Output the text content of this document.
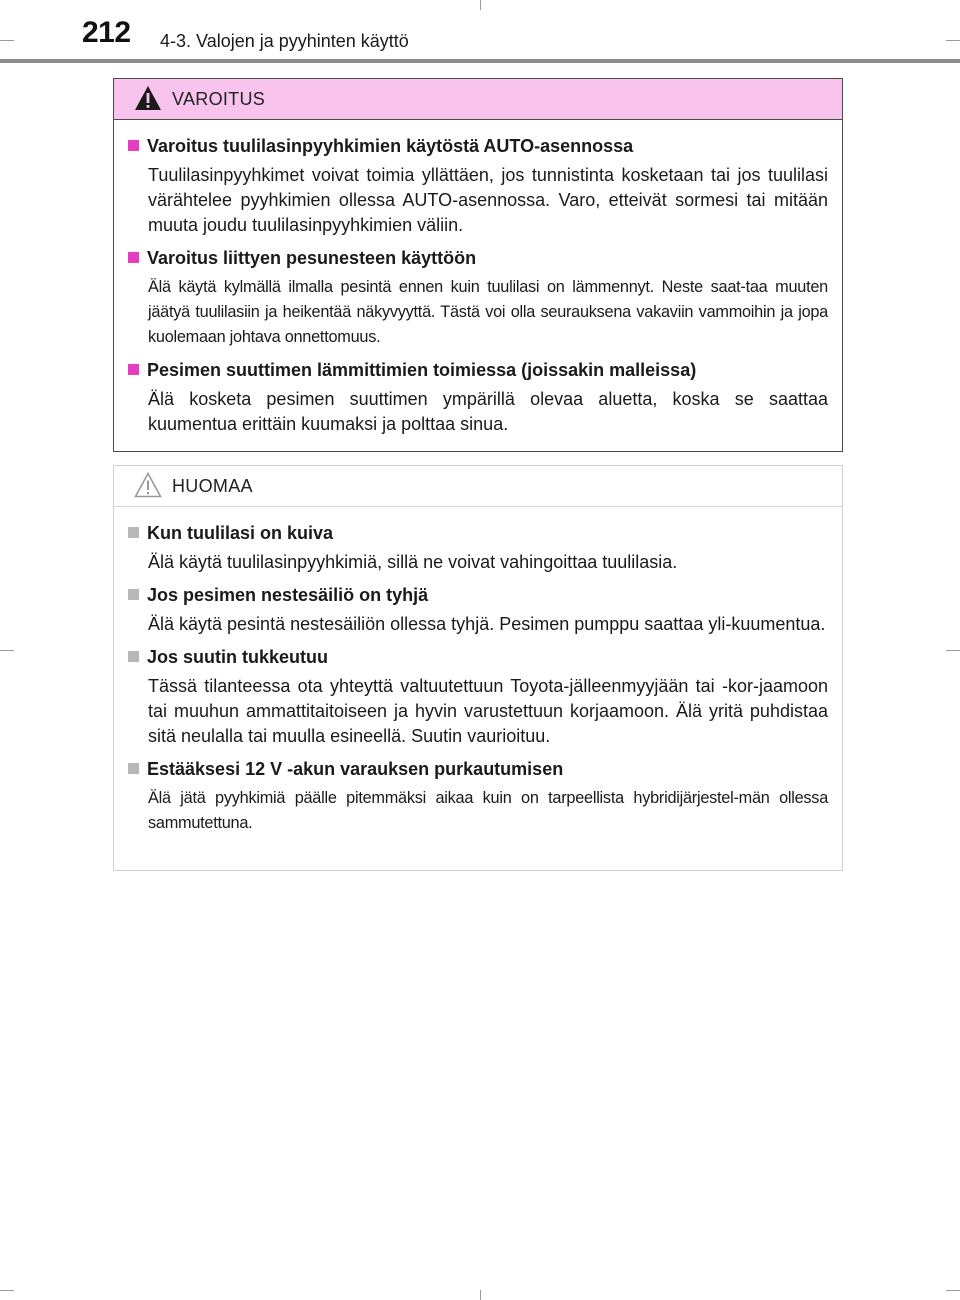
212 4-3. Valojen ja pyyhinten käyttö
VAROITUS
Varoitus tuulilasinpyyhkimien käytöstä AUTO-asennossa
Tuulilasinpyyhkimet voivat toimia yllättäen, jos tunnistinta kosketaan tai jos tuulilasi värähtelee pyyhkimien ollessa AUTO-asennossa. Varo, etteivät sormesi tai mitään muuta joudu tuulilasinpyyhkimien väliin.
Varoitus liittyen pesunesteen käyttöön
Älä käytä kylmällä ilmalla pesintä ennen kuin tuulilasi on lämmennyt. Neste saat-taa muuten jäätyä tuulilasiin ja heikentää näkyvyyttä. Tästä voi olla seurauksena vakaviin vammoihin ja jopa kuolemaan johtava onnettomuus.
Pesimen suuttimen lämmittimien toimiessa (joissakin malleissa)
Älä kosketa pesimen suuttimen ympärillä olevaa aluetta, koska se saattaa kuumentua erittäin kuumaksi ja polttaa sinua.
HUOMAA
Kun tuulilasi on kuiva
Älä käytä tuulilasinpyyhkimiä, sillä ne voivat vahingoittaa tuulilasia.
Jos pesimen nestesäiliö on tyhjä
Älä käytä pesintä nestesäiliön ollessa tyhjä. Pesimen pumppu saattaa yli-kuumentua.
Jos suutin tukkeutuu
Tässä tilanteessa ota yhteyttä valtuutettuun Toyota-jälleenmyyjään tai -kor-jaamoon tai muuhun ammattitaitoiseen ja hyvin varustettuun korjaamoon. Älä yritä puhdistaa sitä neulalla tai muulla esineellä. Suutin vaurioituu.
Estääksesi 12 V -akun varauksen purkautumisen
Älä jätä pyyhkimiä päälle pitemmäksi aikaa kuin on tarpeellista hybridijärjestel-män ollessa sammutettuna.
